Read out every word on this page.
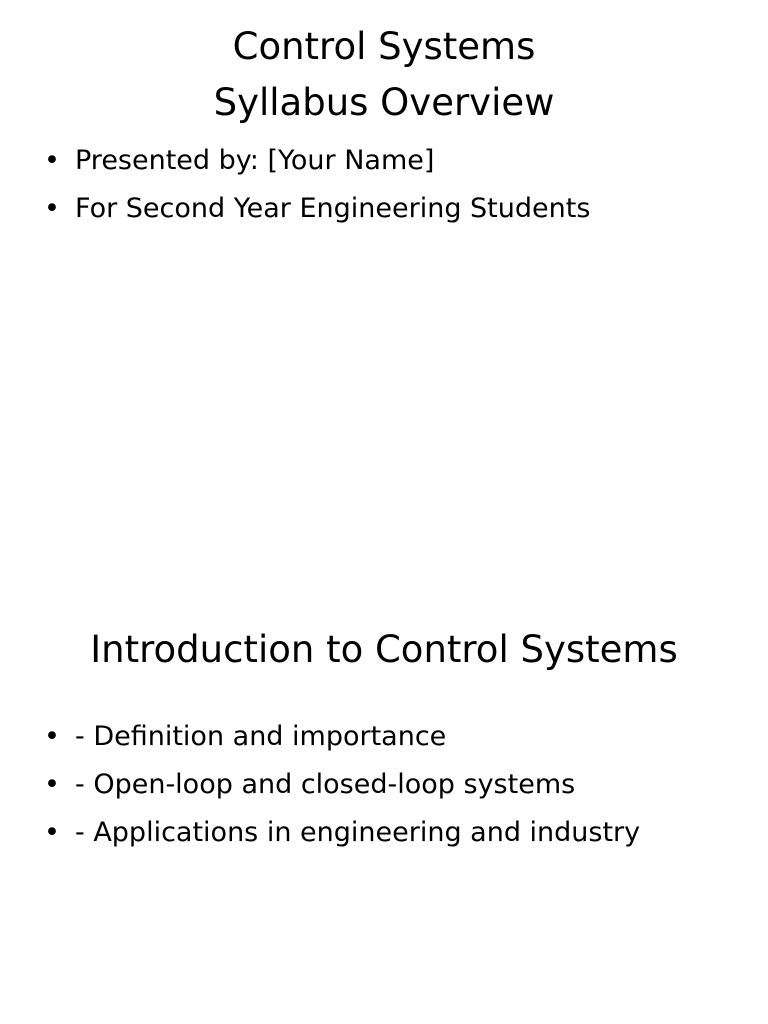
Control Systems
Syllabus Overview
• Presented by: [Your Name]
• For Second Year Engineering Students
Introduction to Control Systems
• - Definition and importance
• - Open-loop and closed-loop systems
• - Applications in engineering and industry
